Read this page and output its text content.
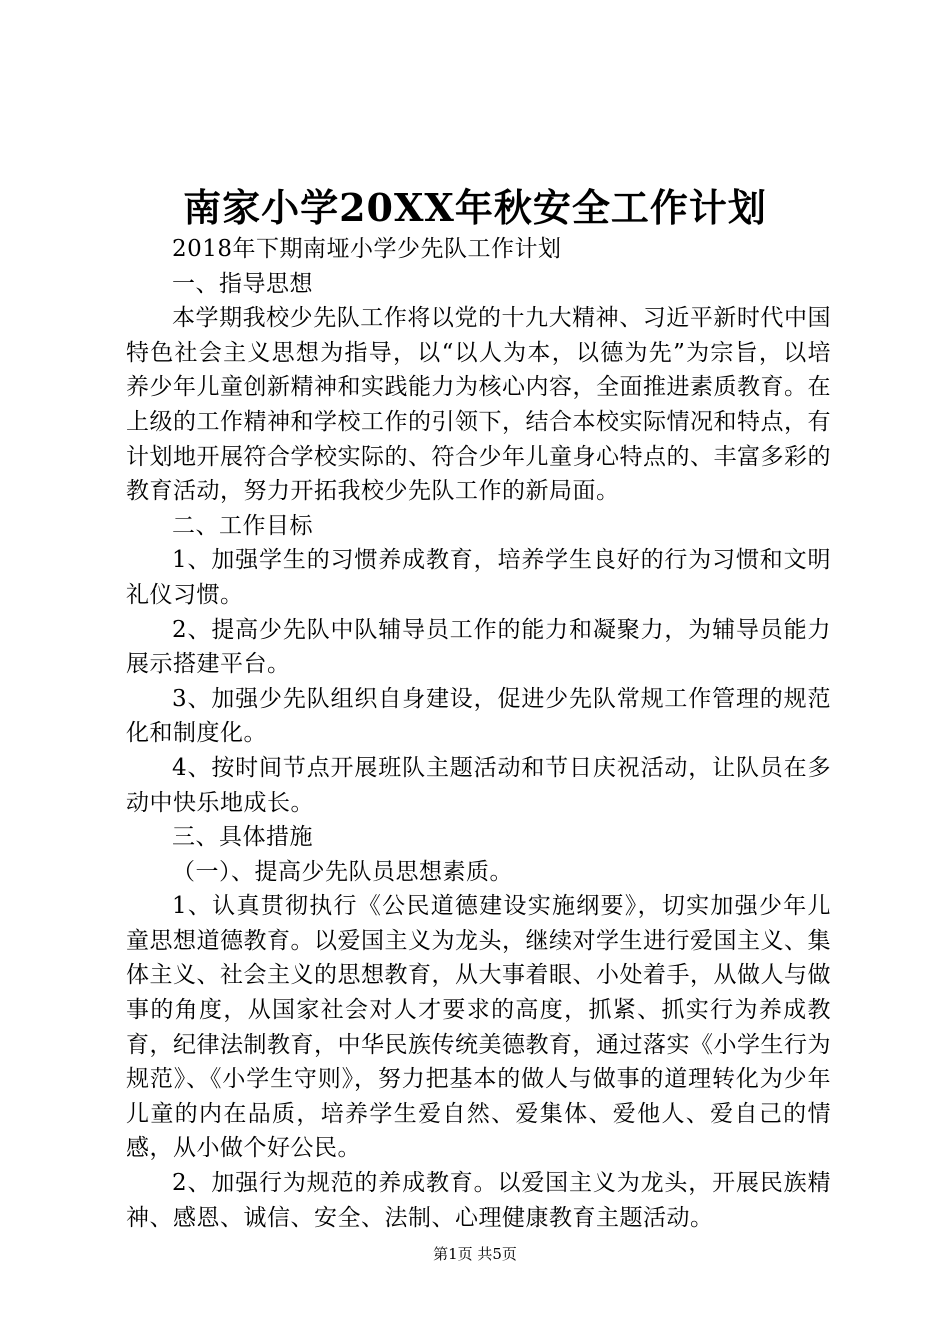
南家小学20XX年秋安全工作计划

2018年下期南垭小学少先队工作计划

一、指导思想

本学期我校少先队工作将以党的十九大精神、习近平新时代中国特色社会主义思想为指导，以“以人为本，以德为先”为宗旨，以培养少年儿童创新精神和实践能力为核心内容，全面推进素质教育。在上级的工作精神和学校工作的引领下，结合本校实际情况和特点，有计划地开展符合学校实际的、符合少年儿童身心特点的、丰富多彩的教育活动，努力开拓我校少先队工作的新局面。

二、工作目标

1、加强学生的习惯养成教育，培养学生良好的行为习惯和文明礼仪习惯。

2、提高少先队中队辅导员工作的能力和凝聚力，为辅导员能力展示搭建平台。

3、加强少先队组织自身建设，促进少先队常规工作管理的规范化和制度化。

4、按时间节点开展班队主题活动和节日庆祝活动，让队员在多动中快乐地成长。

三、具体措施

（一）、提高少先队员思想素质。

1、认真贯彻执行《公民道德建设实施纲要》，切实加强少年儿童思想道德教育。以爱国主义为龙头，继续对学生进行爱国主义、集体主义、社会主义的思想教育，从大事着眼、小处着手，从做人与做事的角度，从国家社会对人才要求的高度，抓紧、抓实行为养成教育，纪律法制教育，中华民族传统美德教育，通过落实《小学生行为规范》、《小学生守则》，努力把基本的做人与做事的道理转化为少年儿童的内在品质，培养学生爱自然、爱集体、爱他人、爱自己的情感，从小做个好公民。

2、加强行为规范的养成教育。以爱国主义为龙头，开展民族精神、感恩、诚信、安全、法制、心理健康教育主题活动。

第1页 共5页
